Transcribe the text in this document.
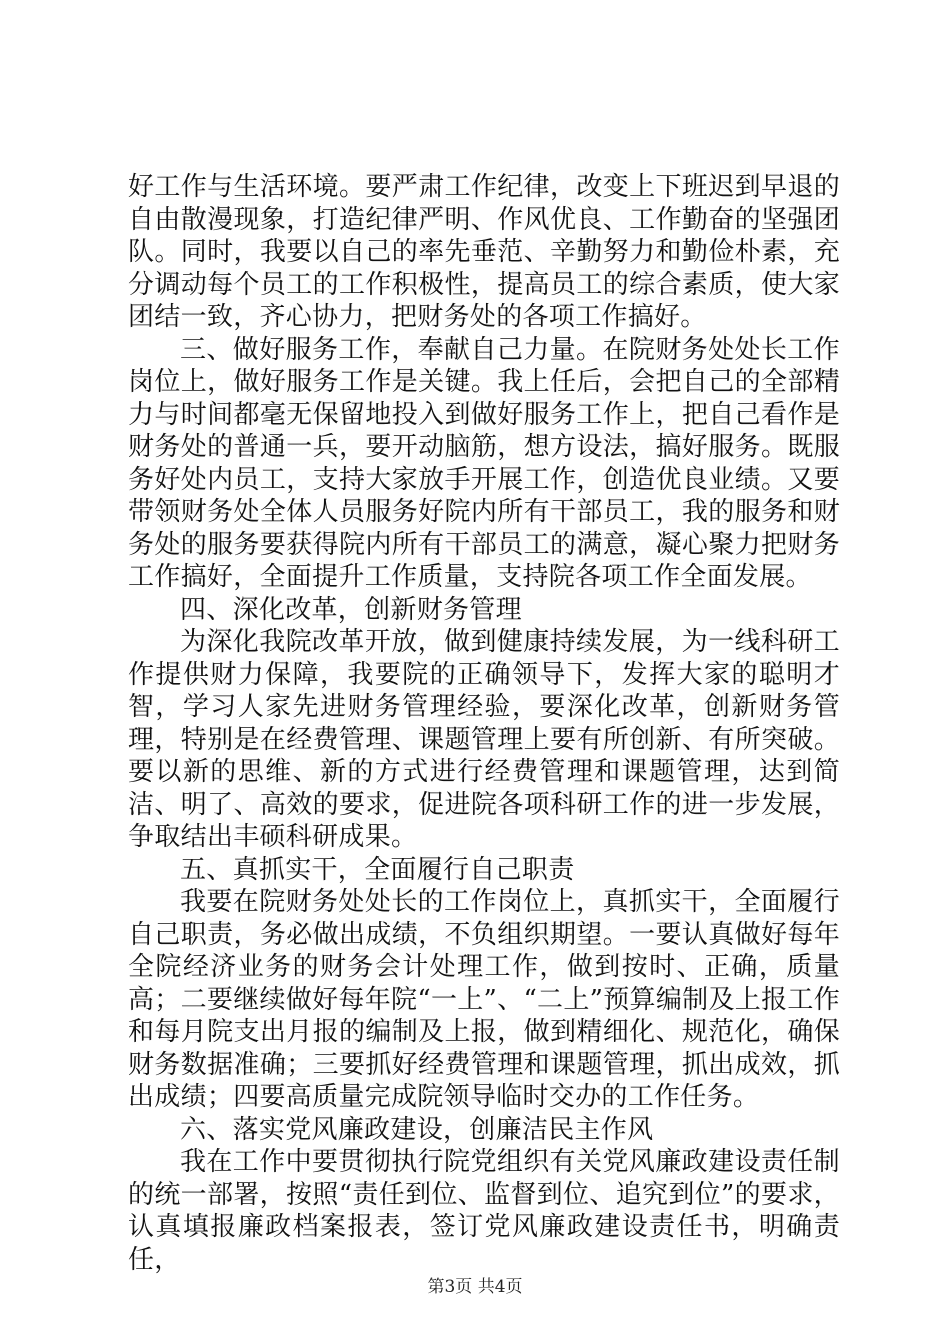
好工作与生活环境。要严肃工作纪律，改变上下班迟到早退的自由散漫现象，打造纪律严明、作风优良、工作勤奋的坚强团队。同时，我要以自己的率先垂范、辛勤努力和勤俭朴素，充分调动每个员工的工作积极性，提高员工的综合素质，使大家团结一致，齐心协力，把财务处的各项工作搞好。

三、做好服务工作，奉献自己力量。在院财务处处长工作岗位上，做好服务工作是关键。我上任后，会把自己的全部精力与时间都毫无保留地投入到做好服务工作上，把自己看作是财务处的普通一兵，要开动脑筋，想方设法，搞好服务。既服务好处内员工，支持大家放手开展工作，创造优良业绩。又要带领财务处全体人员服务好院内所有干部员工，我的服务和财务处的服务要获得院内所有干部员工的满意，凝心聚力把财务工作搞好，全面提升工作质量，支持院各项工作全面发展。

四、深化改革，创新财务管理

为深化我院改革开放，做到健康持续发展，为一线科研工作提供财力保障，我要院的正确领导下，发挥大家的聪明才智，学习人家先进财务管理经验，要深化改革，创新财务管理，特别是在经费管理、课题管理上要有所创新、有所突破。要以新的思维、新的方式进行经费管理和课题管理，达到简洁、明了、高效的要求，促进院各项科研工作的进一步发展，争取结出丰硕科研成果。

五、真抓实干，全面履行自己职责

我要在院财务处处长的工作岗位上，真抓实干，全面履行自己职责，务必做出成绩，不负组织期望。一要认真做好每年全院经济业务的财务会计处理工作，做到按时、正确，质量高；二要继续做好每年院“一上”、“二上”预算编制及上报工作和每月院支出月报的编制及上报，做到精细化、规范化，确保财务数据准确；三要抓好经费管理和课题管理，抓出成效，抓出成绩；四要高质量完成院领导临时交办的工作任务。

六、落实党风廉政建设，创廉洁民主作风

我在工作中要贯彻执行院党组织有关党风廉政建设责任制的统一部署，按照“责任到位、监督到位、追究到位”的要求，认真填报廉政档案报表，签订党风廉政建设责任书，明确责任，

第3页 共4页
